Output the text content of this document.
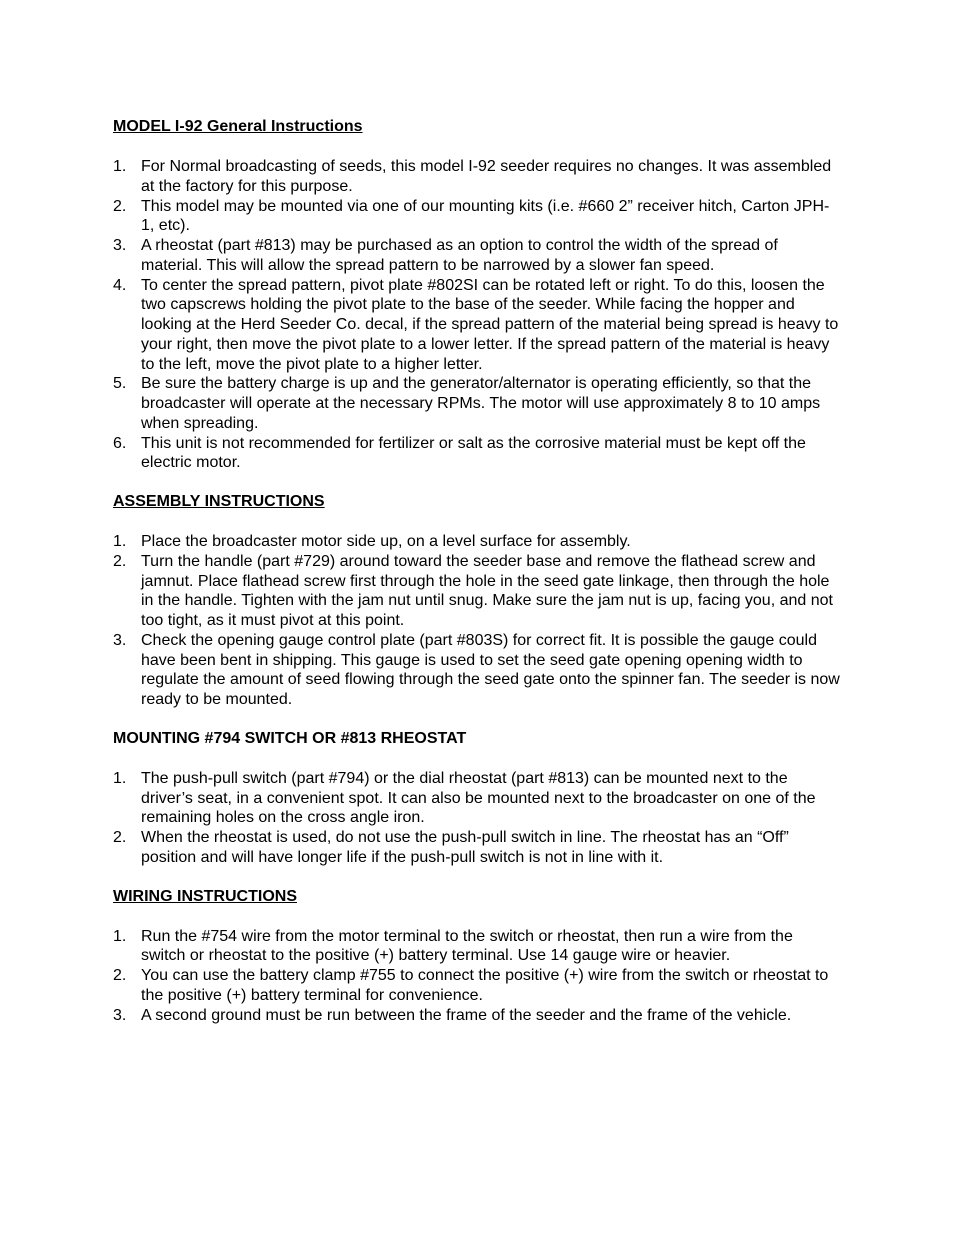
MODEL I-92 General Instructions
1. For Normal broadcasting of seeds, this model I-92 seeder requires no changes. It was assembled at the factory for this purpose.
2. This model may be mounted via one of our mounting kits (i.e. #660 2” receiver hitch, Carton JPH-1, etc).
3. A rheostat (part #813) may be purchased as an option to control the width of the spread of material. This will allow the spread pattern to be narrowed by a slower fan speed.
4. To center the spread pattern, pivot plate #802SI can be rotated left or right. To do this, loosen the two capscrews holding the pivot plate to the base of the seeder. While facing the hopper and looking at the Herd Seeder Co. decal, if the spread pattern of the material being spread is heavy to your right, then move the pivot plate to a lower letter. If the spread pattern of the material is heavy to the left, move the pivot plate to a higher letter.
5. Be sure the battery charge is up and the generator/alternator is operating efficiently, so that the broadcaster will operate at the necessary RPMs. The motor will use approximately 8 to 10 amps when spreading.
6. This unit is not recommended for fertilizer or salt as the corrosive material must be kept off the electric motor.
ASSEMBLY INSTRUCTIONS
1. Place the broadcaster motor side up, on a level surface for assembly.
2. Turn the handle (part #729) around toward the seeder base and remove the flathead screw and jamnut. Place flathead screw first through the hole in the seed gate linkage, then through the hole in the handle. Tighten with the jam nut until snug. Make sure the jam nut is up, facing you, and not too tight, as it must pivot at this point.
3. Check the opening gauge control plate (part #803S) for correct fit. It is possible the gauge could have been bent in shipping. This gauge is used to set the seed gate opening opening width to regulate the amount of seed flowing through the seed gate onto the spinner fan. The seeder is now ready to be mounted.
MOUNTING #794 SWITCH OR #813 RHEOSTAT
1. The push-pull switch (part #794) or the dial rheostat (part #813) can be mounted next to the driver’s seat, in a convenient spot. It can also be mounted next to the broadcaster on one of the remaining holes on the cross angle iron.
2. When the rheostat is used, do not use the push-pull switch in line. The rheostat has an “Off” position and will have longer life if the push-pull switch is not in line with it.
WIRING INSTRUCTIONS
1. Run the #754 wire from the motor terminal to the switch or rheostat, then run a wire from the switch or rheostat to the positive (+) battery terminal. Use 14 gauge wire or heavier.
2. You can use the battery clamp #755 to connect the positive (+) wire from the switch or rheostat to the positive (+) battery terminal for convenience.
3. A second ground must be run between the frame of the seeder and the frame of the vehicle.
